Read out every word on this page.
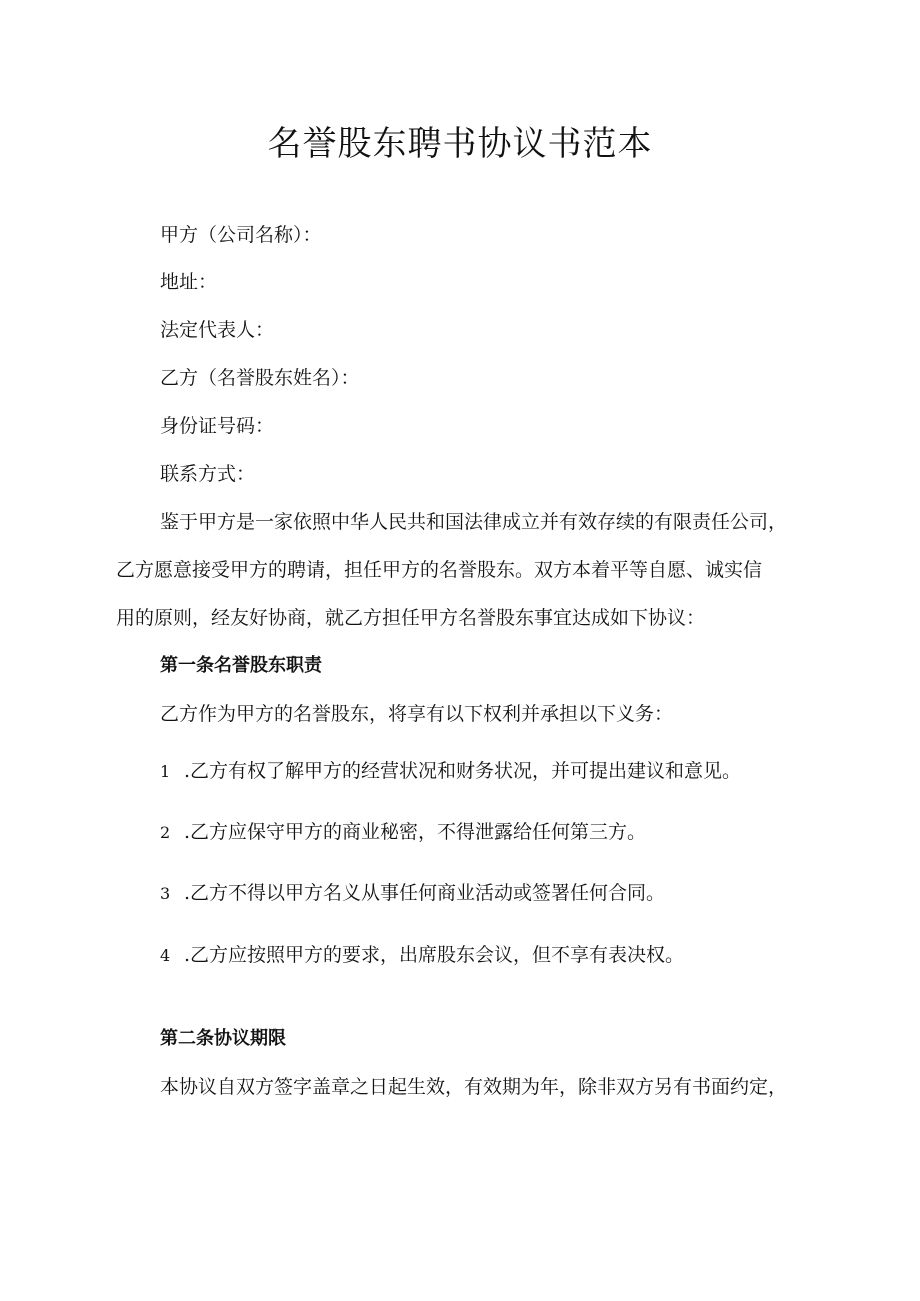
名誉股东聘书协议书范本
甲方（公司名称）：
地址：
法定代表人：
乙方（名誉股东姓名）：
身份证号码：
联系方式：
鉴于甲方是一家依照中华人民共和国法律成立并有效存续的有限责任公司，
乙方愿意接受甲方的聘请，担任甲方的名誉股东。双方本着平等自愿、诚实信
用的原则，经友好协商，就乙方担任甲方名誉股东事宜达成如下协议：
第一条名誉股东职责
乙方作为甲方的名誉股东，将享有以下权利并承担以下义务：
1 .乙方有权了解甲方的经营状况和财务状况，并可提出建议和意见。
2 .乙方应保守甲方的商业秘密，不得泄露给任何第三方。
3 .乙方不得以甲方名义从事任何商业活动或签署任何合同。
4 .乙方应按照甲方的要求，出席股东会议，但不享有表决权。
第二条协议期限
本协议自双方签字盖章之日起生效，有效期为年，除非双方另有书面约定，
